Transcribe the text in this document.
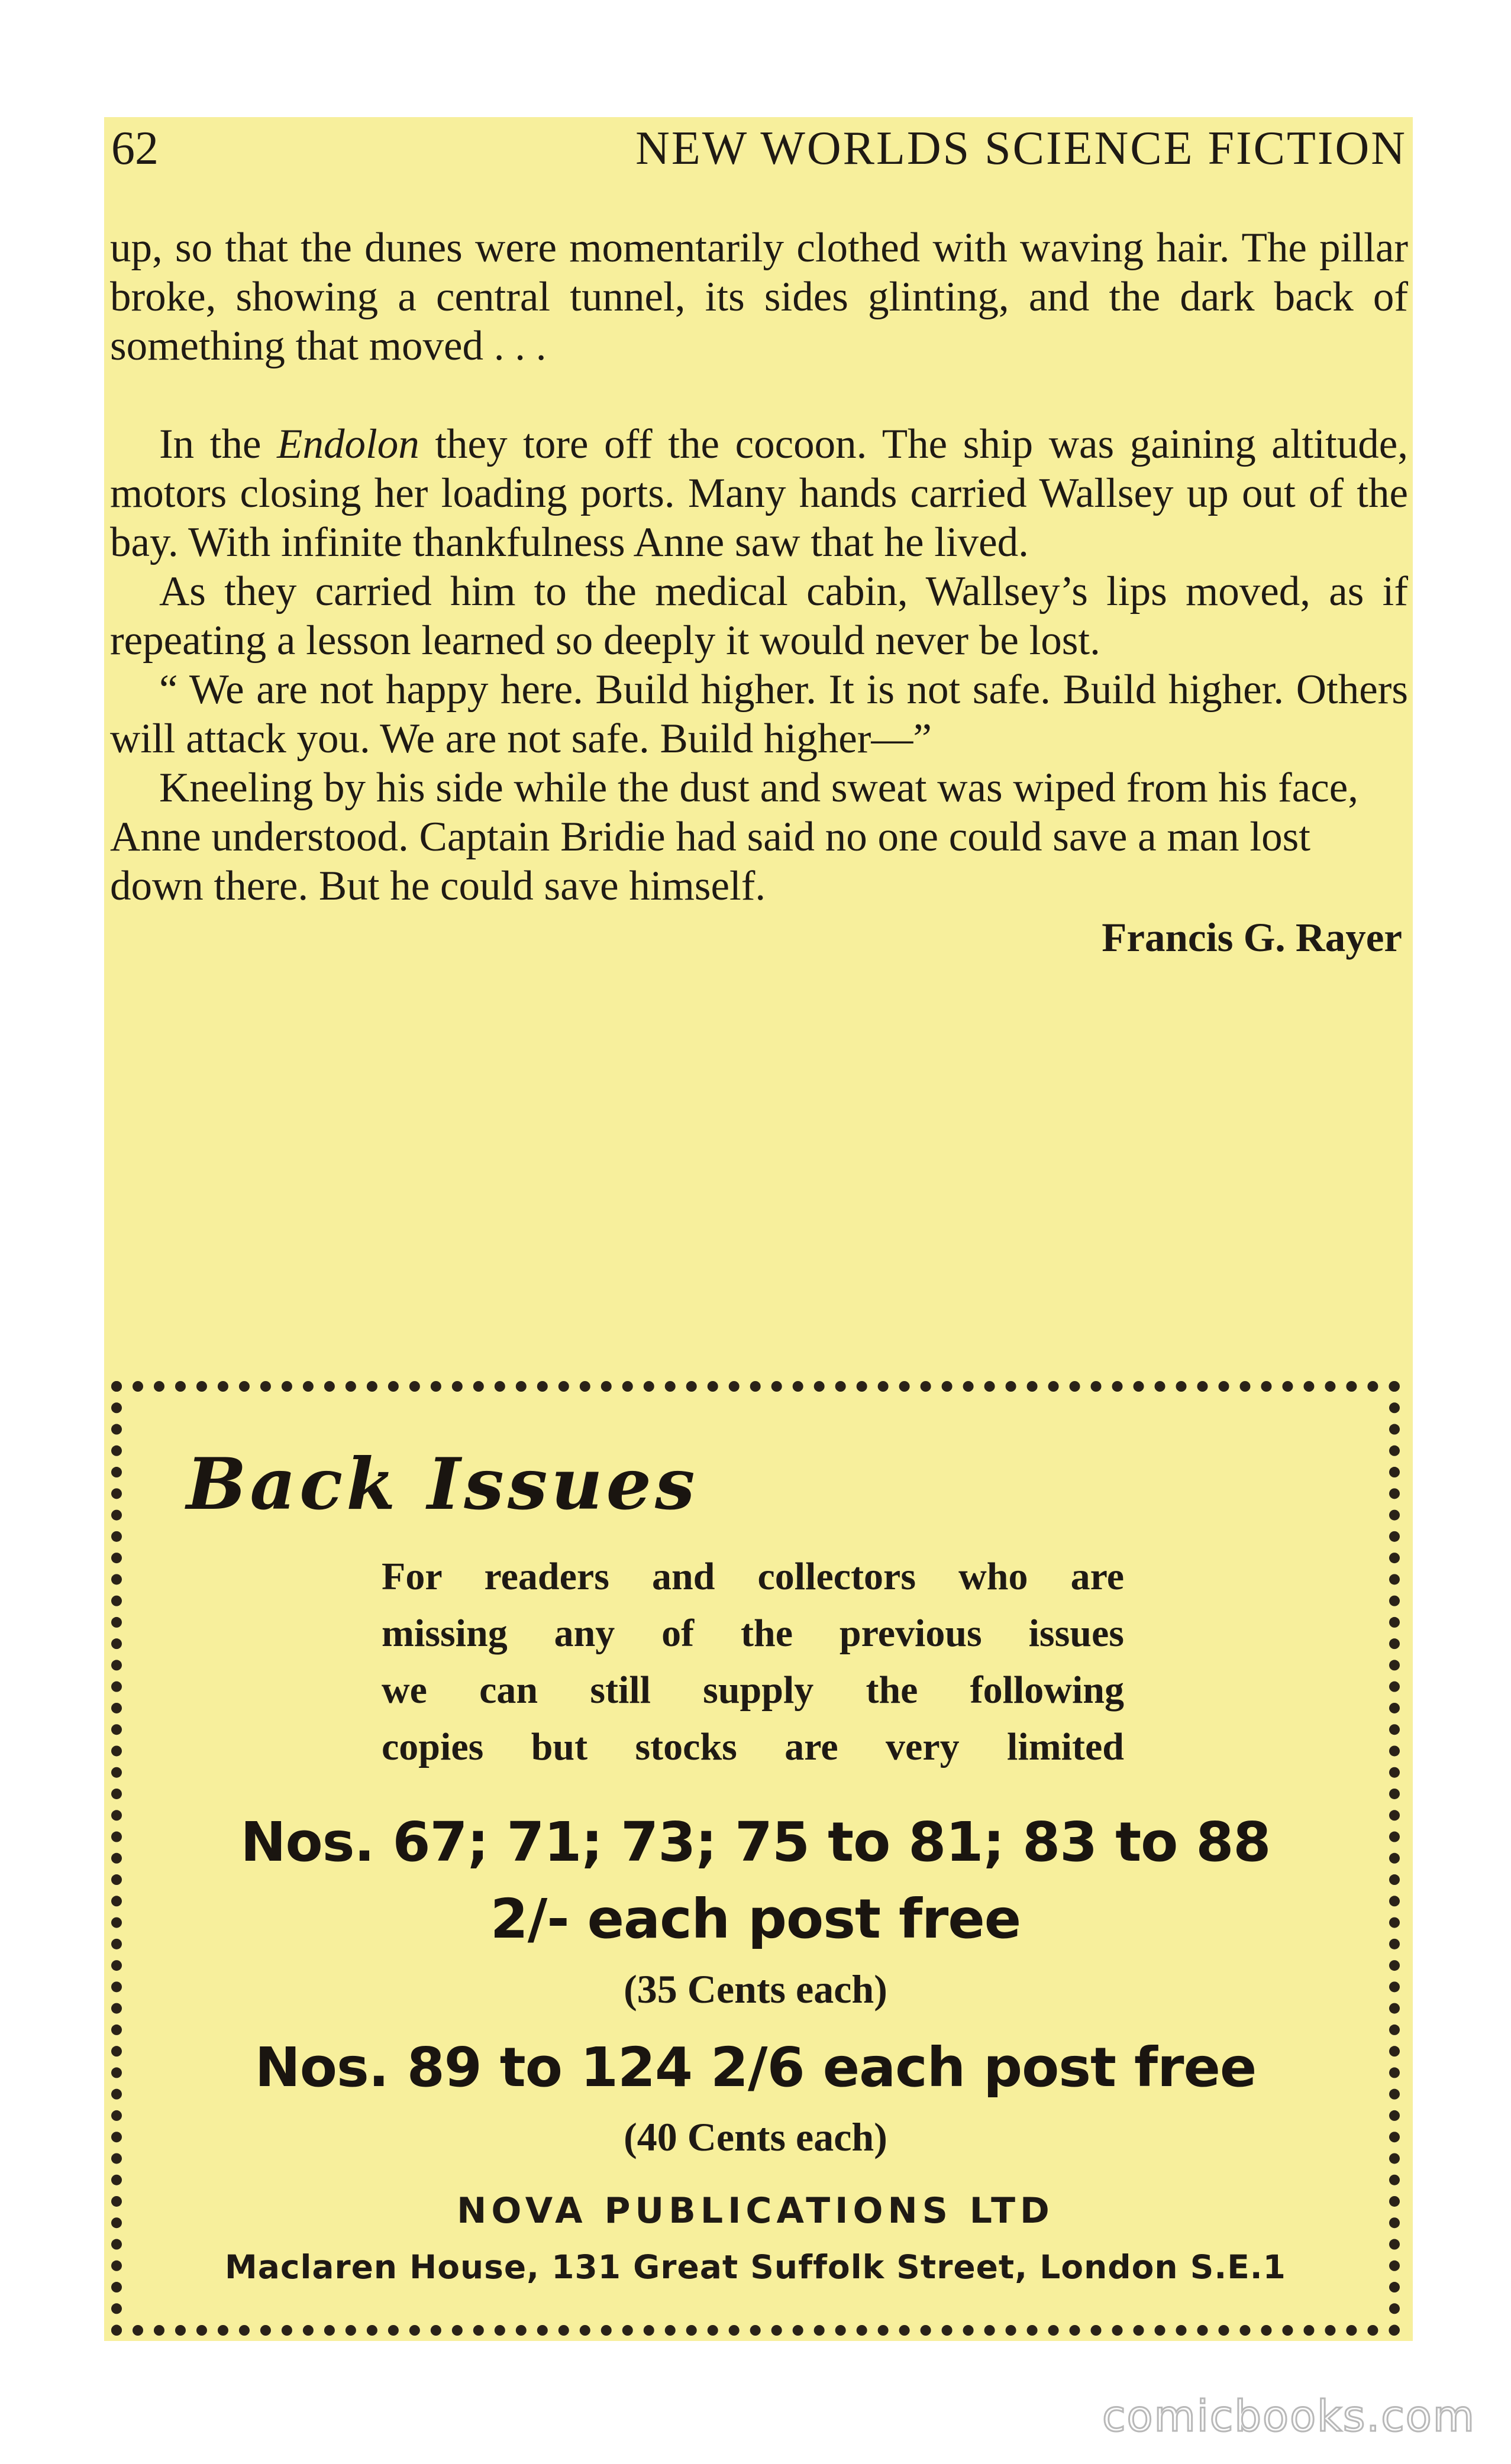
62	NEW WORLDS SCIENCE FICTION

up, so that the dunes were momentarily clothed with waving hair. The pillar broke, showing a central tunnel, its sides glinting, and the dark back of something that moved . . .

In the Endolon they tore off the cocoon. The ship was gaining altitude, motors closing her loading ports. Many hands carried Wallsey up out of the bay. With infinite thankfulness Anne saw that he lived.

As they carried him to the medical cabin, Wallsey’s lips moved, as if repeating a lesson learned so deeply it would never be lost.

“ We are not happy here. Build higher. It is not safe. Build higher. Others will attack you. We are not safe. Build higher—”

Kneeling by his side while the dust and sweat was wiped from his face, Anne understood. Captain Bridie had said no one could save a man lost down there. But he could save himself.

Francis G. Rayer
Back Issues
For readers and collectors who are
missing any of the previous issues
we can still supply the following
copies but stocks are very limited
Nos. 67; 71; 73; 75 to 81; 83 to 88
2/- each post free
(35 Cents each)
Nos. 89 to 124 2/6 each post free
(40 Cents each)
NOVA PUBLICATIONS LTD
Maclaren House, 131 Great Suffolk Street, London S.E.1
comicbooks.com
